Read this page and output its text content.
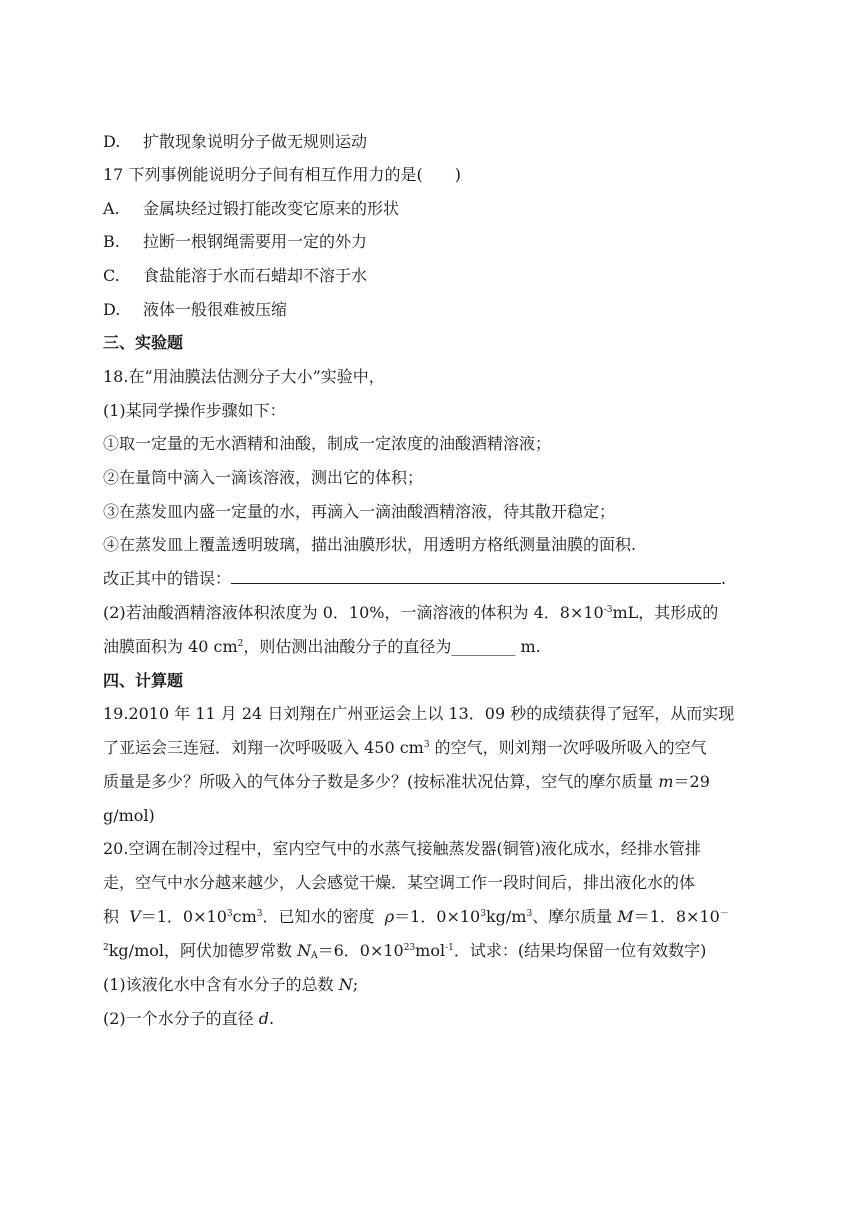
D. 扩散现象说明分子做无规则运动
17 下列事例能说明分子间有相互作用力的是(　　)
A. 金属块经过锻打能改变它原来的形状
B. 拉断一根钢绳需要用一定的外力
C. 食盐能溶于水而石蜡却不溶于水
D. 液体一般很难被压缩
三、实验题
18.在“用油膜法估测分子大小”实验中，
(1)某同学操作步骤如下：
①取一定量的无水酒精和油酸，制成一定浓度的油酸酒精溶液；
②在量筒中滴入一滴该溶液，测出它的体积；
③在蒸发皿内盛一定量的水，再滴入一滴油酸酒精溶液，待其散开稳定；
④在蒸发皿上覆盖透明玻璃，描出油膜形状，用透明方格纸测量油膜的面积.
改正其中的错误：	.
(2)若油酸酒精溶液体积浓度为 0．10%，一滴溶液的体积为 4．$8\times 10^{-3}mL$，其形成的
油膜面积为 40 $cm^2$，则估测出油酸分子的直径为________ m.
四、计算题
19.2010 年 11 月 24 日刘翔在广州亚运会上以 13．09 秒的成绩获得了冠军，从而实现
了亚运会三连冠．刘翔一次呼吸吸入 450 $cm^3$ 的空气，则刘翔一次呼吸所吸入的空气
质量是多少？所吸入的气体分子数是多少？(按标准状况估算，空气的摩尔质量 m＝29
g/mol)
20.空调在制冷过程中，室内空气中的水蒸气接触蒸发器(铜管)液化成水，经排水管排
走，空气中水分越来越少，人会感觉干燥．某空调工作一段时间后，排出液化水的体
积  V＝1．$0\times 10^3cm^3$．已知水的密度  ρ＝1．$0\times 10^3kg/m^3$、摩尔质量 M＝1．8×10－
$^2$kg/mol，阿伏加德罗常数 $N_A=6$．$0\times 10^{23}mol^{-1}$．试求：(结果均保留一位有效数字)
(1)该液化水中含有水分子的总数 N;
(2)一个水分子的直径 d.
